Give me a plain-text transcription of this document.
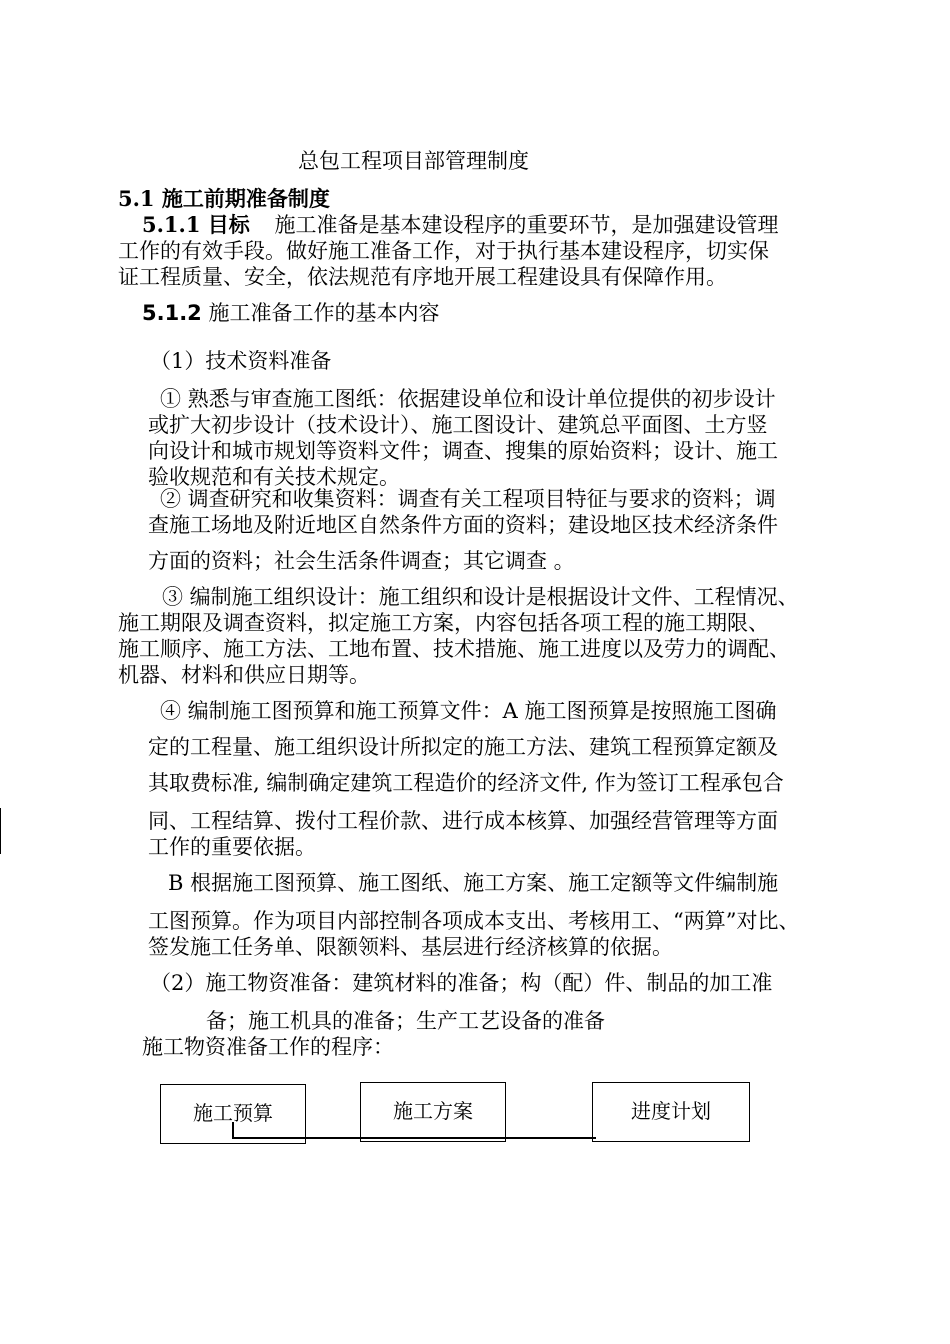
总包工程项目部管理制度
5.1 施工前期准备制度
5.1.1 目标 施工准备是基本建设程序的重要环节，是加强建设管理
工作的有效手段。做好施工准备工作，对于执行基本建设程序，切实保
证工程质量、安全，依法规范有序地开展工程建设具有保障作用。
5.1.2 施工准备工作的基本内容
（1）技术资料准备
① 熟悉与审查施工图纸：依据建设单位和设计单位提供的初步设计
或扩大初步设计（技术设计）、施工图设计、建筑总平面图、土方竖
向设计和城市规划等资料文件；调查、搜集的原始资料；设计、施工
验收规范和有关技术规定。
② 调查研究和收集资料：调查有关工程项目特征与要求的资料；调
查施工场地及附近地区自然条件方面的资料；建设地区技术经济条件
方面的资料；社会生活条件调查；其它调查 。
③ 编制施工组织设计：施工组织和设计是根据设计文件、工程情况、
施工期限及调查资料，拟定施工方案，内容包括各项工程的施工期限、
施工顺序、施工方法、工地布置、技术措施、施工进度以及劳力的调配、
机器、材料和供应日期等。
④ 编制施工图预算和施工预算文件：A 施工图预算是按照施工图确
定的工程量、施工组织设计所拟定的施工方法、建筑工程预算定额及
其取费标准, 编制确定建筑工程造价的经济文件, 作为签订工程承包合
同、工程结算、拨付工程价款、进行成本核算、加强经营管理等方面
工作的重要依据。
B 根据施工图预算、施工图纸、施工方案、施工定额等文件编制施
工图预算。作为项目内部控制各项成本支出、考核用工、“两算”对比、
签发施工任务单、限额领料、基层进行经济核算的依据。
（2）施工物资准备：建筑材料的准备；构（配）件、制品的加工准
备；施工机具的准备；生产工艺设备的准备
施工物资准备工作的程序：
施工预算	施工方案	进度计划
